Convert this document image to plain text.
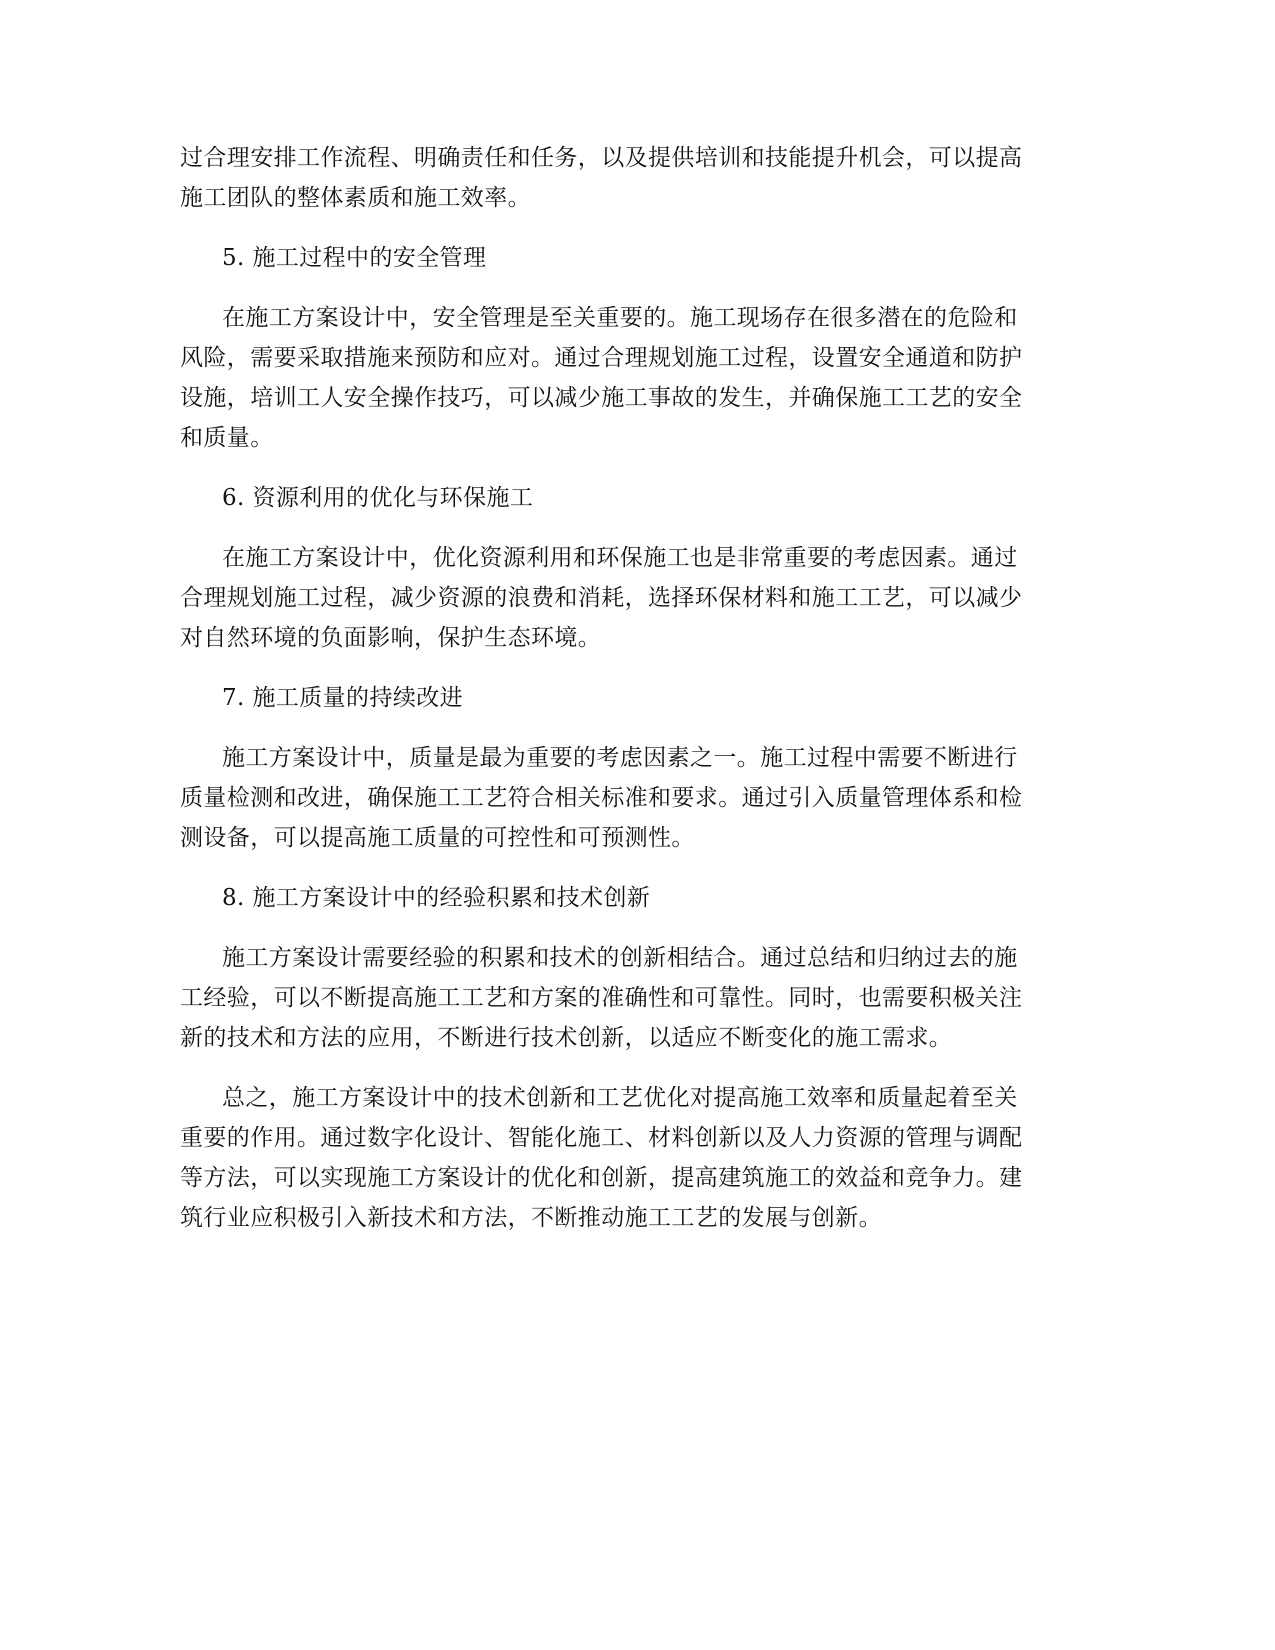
过合理安排工作流程、明确责任和任务，以及提供培训和技能提升机会，可以提高
施工团队的整体素质和施工效率。
5. 施工过程中的安全管理
在施工方案设计中，安全管理是至关重要的。施工现场存在很多潜在的危险和
风险，需要采取措施来预防和应对。通过合理规划施工过程，设置安全通道和防护
设施，培训工人安全操作技巧，可以减少施工事故的发生，并确保施工工艺的安全
和质量。
6. 资源利用的优化与环保施工
在施工方案设计中，优化资源利用和环保施工也是非常重要的考虑因素。通过
合理规划施工过程，减少资源的浪费和消耗，选择环保材料和施工工艺，可以减少
对自然环境的负面影响，保护生态环境。
7. 施工质量的持续改进
施工方案设计中，质量是最为重要的考虑因素之一。施工过程中需要不断进行
质量检测和改进，确保施工工艺符合相关标准和要求。通过引入质量管理体系和检
测设备，可以提高施工质量的可控性和可预测性。
8. 施工方案设计中的经验积累和技术创新
施工方案设计需要经验的积累和技术的创新相结合。通过总结和归纳过去的施
工经验，可以不断提高施工工艺和方案的准确性和可靠性。同时，也需要积极关注
新的技术和方法的应用，不断进行技术创新，以适应不断变化的施工需求。
总之，施工方案设计中的技术创新和工艺优化对提高施工效率和质量起着至关
重要的作用。通过数字化设计、智能化施工、材料创新以及人力资源的管理与调配
等方法，可以实现施工方案设计的优化和创新，提高建筑施工的效益和竞争力。建
筑行业应积极引入新技术和方法，不断推动施工工艺的发展与创新。
